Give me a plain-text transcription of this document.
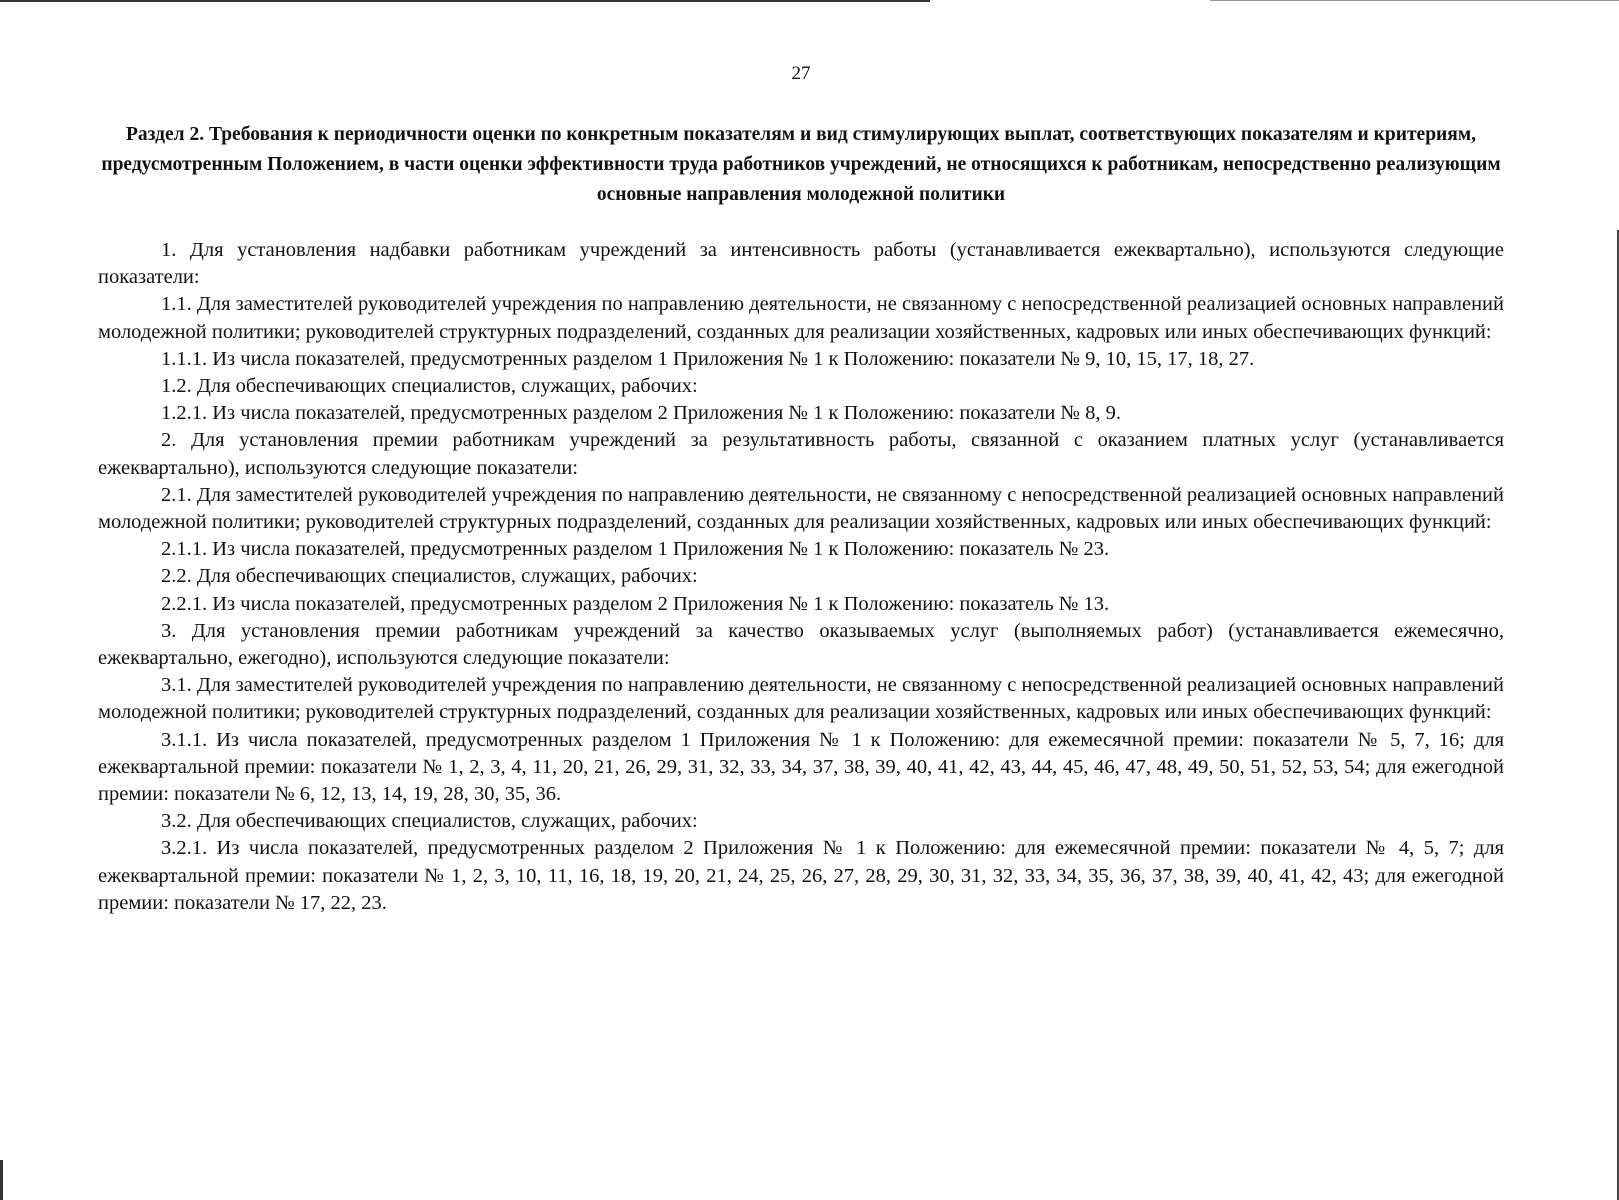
27
Раздел 2. Требования к периодичности оценки по конкретным показателям и вид стимулирующих выплат, соответствующих показателям и критериям, предусмотренным Положением, в части оценки эффективности труда работников учреждений, не относящихся к работникам, непосредственно реализующим основные направления молодежной политики

1. Для установления надбавки работникам учреждений за интенсивность работы (устанавливается ежеквартально), используются следующие показатели:

1.1. Для заместителей руководителей учреждения по направлению деятельности, не связанному с непосредственной реализацией основных направлений молодежной политики; руководителей структурных подразделений, созданных для реализации хозяйственных, кадровых или иных обеспечивающих функций:

1.1.1. Из числа показателей, предусмотренных разделом 1 Приложения № 1 к Положению: показатели № 9, 10, 15, 17, 18, 27.

1.2. Для обеспечивающих специалистов, служащих, рабочих:

1.2.1. Из числа показателей, предусмотренных разделом 2 Приложения № 1 к Положению: показатели № 8, 9.

2. Для установления премии работникам учреждений за результативность работы, связанной с оказанием платных услуг (устанавливается ежеквартально), используются следующие показатели:

2.1. Для заместителей руководителей учреждения по направлению деятельности, не связанному с непосредственной реализацией основных направлений молодежной политики; руководителей структурных подразделений, созданных для реализации хозяйственных, кадровых или иных обеспечивающих функций:

2.1.1. Из числа показателей, предусмотренных разделом 1 Приложения № 1 к Положению: показатель № 23.

2.2. Для обеспечивающих специалистов, служащих, рабочих:

2.2.1. Из числа показателей, предусмотренных разделом 2 Приложения № 1 к Положению: показатель № 13.

3. Для установления премии работникам учреждений за качество оказываемых услуг (выполняемых работ) (устанавливается ежемесячно, ежеквартально, ежегодно), используются следующие показатели:

3.1. Для заместителей руководителей учреждения по направлению деятельности, не связанному с непосредственной реализацией основных направлений молодежной политики; руководителей структурных подразделений, созданных для реализации хозяйственных, кадровых или иных обеспечивающих функций:

3.1.1. Из числа показателей, предусмотренных разделом 1 Приложения № 1 к Положению: для ежемесячной премии: показатели № 5, 7, 16; для ежеквартальной премии: показатели № 1, 2, 3, 4, 11, 20, 21, 26, 29, 31, 32, 33, 34, 37, 38, 39, 40, 41, 42, 43, 44, 45, 46, 47, 48, 49, 50, 51, 52, 53, 54; для ежегодной премии: показатели № 6, 12, 13, 14, 19, 28, 30, 35, 36.

3.2. Для обеспечивающих специалистов, служащих, рабочих:

3.2.1. Из числа показателей, предусмотренных разделом 2 Приложения № 1 к Положению: для ежемесячной премии: показатели № 4, 5, 7; для ежеквартальной премии: показатели № 1, 2, 3, 10, 11, 16, 18, 19, 20, 21, 24, 25, 26, 27, 28, 29, 30, 31, 32, 33, 34, 35, 36, 37, 38, 39, 40, 41, 42, 43; для ежегодной премии: показатели № 17, 22, 23.
